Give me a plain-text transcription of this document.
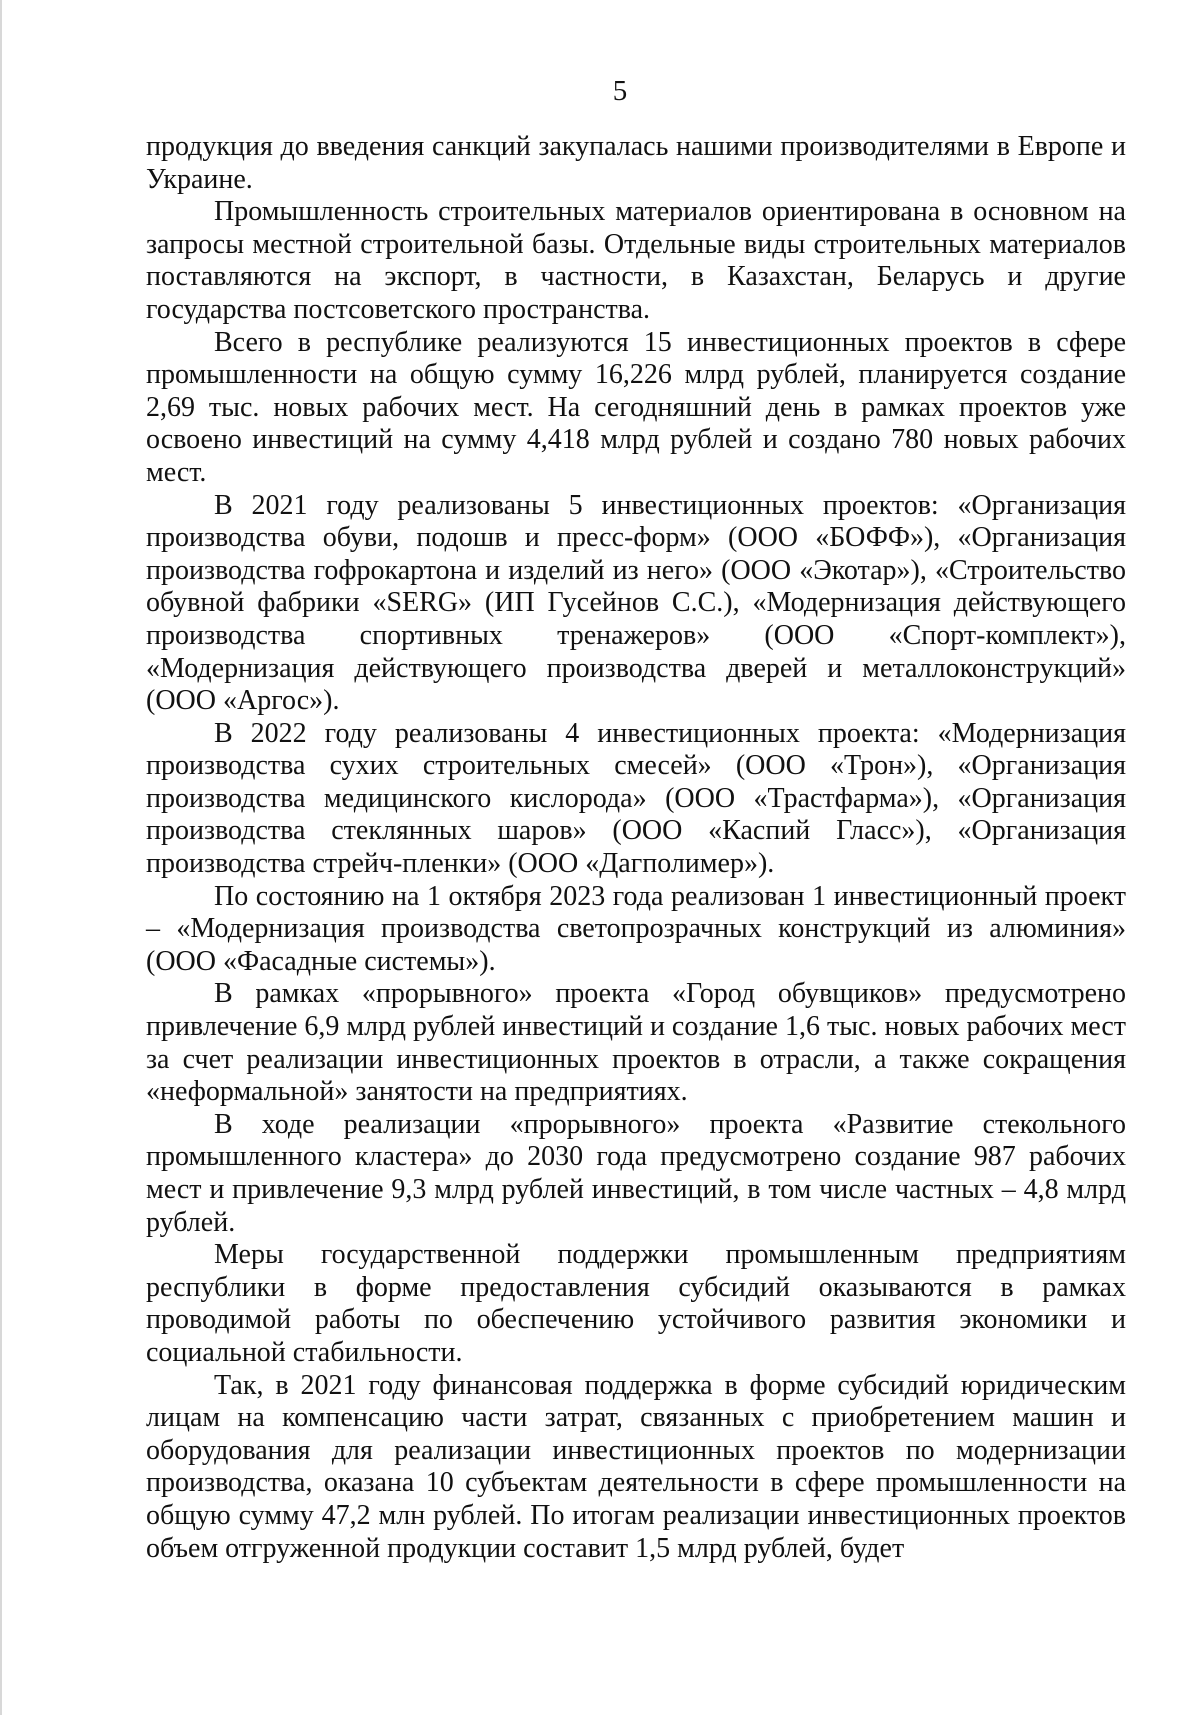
5

продукция до введения санкций закупалась нашими производителями в Европе и Украине.

Промышленность строительных материалов ориентирована в основном на запросы местной строительной базы. Отдельные виды строительных материалов поставляются на экспорт, в частности, в Казахстан, Беларусь и другие государства постсоветского пространства.

Всего в республике реализуются 15 инвестиционных проектов в сфере промышленности на общую сумму 16,226 млрд рублей, планируется создание 2,69 тыс. новых рабочих мест. На сегодняшний день в рамках проектов уже освоено инвестиций на сумму 4,418 млрд рублей и создано 780 новых рабочих мест.

В 2021 году реализованы 5 инвестиционных проектов: «Организация производства обуви, подошв и пресс-форм» (ООО «БОФФ»), «Организация производства гофрокартона и изделий из него» (ООО «Экотар»), «Строительство обувной фабрики «SERG» (ИП Гусейнов С.С.), «Модернизация действующего производства спортивных тренажеров» (ООО «Спорт-комплект»), «Модернизация действующего производства дверей и металлоконструкций» (ООО «Аргос»).

В 2022 году реализованы 4 инвестиционных проекта: «Модернизация производства сухих строительных смесей» (ООО «Трон»), «Организация производства медицинского кислорода» (ООО «Трастфарма»), «Организация производства стеклянных шаров» (ООО «Каспий Гласс»), «Организация производства стрейч-пленки» (ООО «Дагполимер»).

По состоянию на 1 октября 2023 года реализован 1 инвестиционный проект – «Модернизация производства светопрозрачных конструкций из алюминия» (ООО «Фасадные системы»).

В рамках «прорывного» проекта «Город обувщиков» предусмотрено привлечение 6,9 млрд рублей инвестиций и создание 1,6 тыс. новых рабочих мест за счет реализации инвестиционных проектов в отрасли, а также сокращения «неформальной» занятости на предприятиях.

В ходе реализации «прорывного» проекта «Развитие стекольного промышленного кластера» до 2030 года предусмотрено создание 987 рабочих мест и привлечение 9,3 млрд рублей инвестиций, в том числе частных – 4,8 млрд рублей.

Меры государственной поддержки промышленным предприятиям республики в форме предоставления субсидий оказываются в рамках проводимой работы по обеспечению устойчивого развития экономики и социальной стабильности.

Так, в 2021 году финансовая поддержка в форме субсидий юридическим лицам на компенсацию части затрат, связанных с приобретением машин и оборудования для реализации инвестиционных проектов по модернизации производства, оказана 10 субъектам деятельности в сфере промышленности на общую сумму 47,2 млн рублей. По итогам реализации инвестиционных проектов объем отгруженной продукции составит 1,5 млрд рублей, будет
